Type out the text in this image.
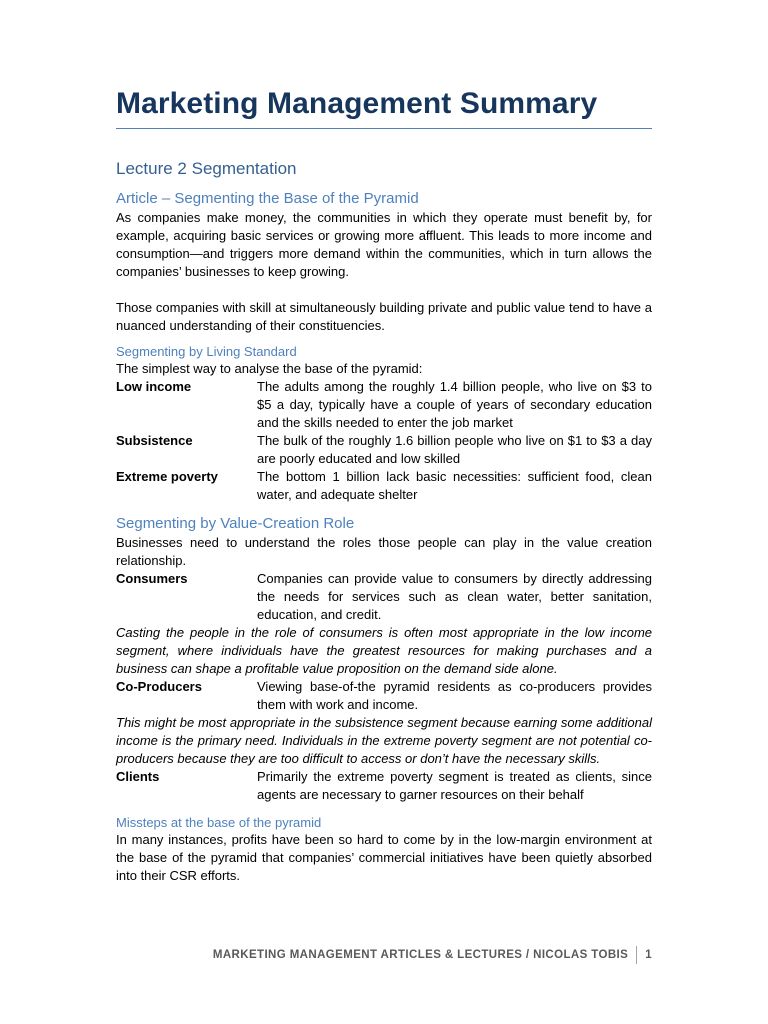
Marketing Management Summary
Lecture 2 Segmentation
Article – Segmenting the Base of the Pyramid

As companies make money, the communities in which they operate must benefit by, for example, acquiring basic services or growing more affluent. This leads to more income and consumption—and triggers more demand within the communities, which in turn allows the companies’ businesses to keep growing.

Those companies with skill at simultaneously building private and public value tend to have a nuanced understanding of their constituencies.

Segmenting by Living Standard

The simplest way to analyse the base of the pyramid:

Low income	The adults among the roughly 1.4 billion people, who live on $3 to $5 a day, typically have a couple of years of secondary education and the skills needed to enter the job market
Subsistence	The bulk of the roughly 1.6 billion people who live on $1 to $3 a day are poorly educated and low skilled
Extreme poverty	The bottom 1 billion lack basic necessities: sufficient food, clean water, and adequate shelter
Segmenting by Value-Creation Role

Businesses need to understand the roles those people can play in the value creation relationship.

Consumers	Companies can provide value to consumers by directly addressing the needs for services such as clean water, better sanitation, education, and credit.

Casting the people in the role of consumers is often most appropriate in the low income segment, where individuals have the greatest resources for making purchases and a business can shape a profitable value proposition on the demand side alone.

Co-Producers	Viewing base-of-the pyramid residents as co-producers provides them with work and income.

This might be most appropriate in the subsistence segment because earning some additional income is the primary need. Individuals in the extreme poverty segment are not potential co-producers because they are too difficult to access or don’t have the necessary skills.

Clients	Primarily the extreme poverty segment is treated as clients, since agents are necessary to garner resources on their behalf
Missteps at the base of the pyramid

In many instances, profits have been so hard to come by in the low-margin environment at the base of the pyramid that companies’ commercial initiatives have been quietly absorbed into their CSR efforts.

MARKETING MANAGEMENT ARTICLES & LECTURES / NICOLAS TOBIS 1
